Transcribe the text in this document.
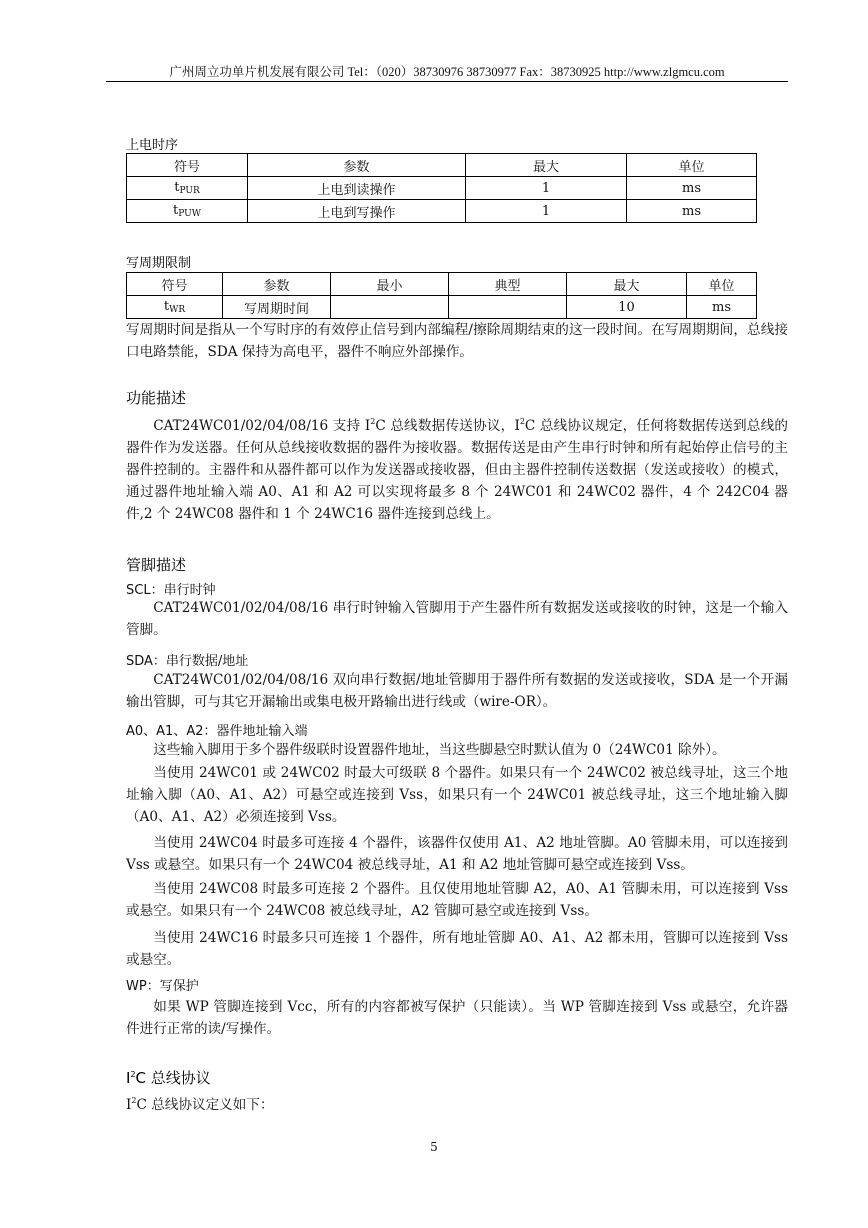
广州周立功单片机发展有限公司 Tel：（020）38730976 38730977 Fax：38730925 http://www.zlgmcu.com
上电时序
符号	参数	最大	单位
tPUR	上电到读操作	1	ms
tPUW	上电到写操作	1	ms
写周期限制
符号	参数	最小	典型	最大	单位
tWR	写周期时间			10	ms
写周期时间是指从一个写时序的有效停止信号到内部编程/擦除周期结束的这一段时间。在写周期期间，总线接口电路禁能，SDA 保持为高电平，器件不响应外部操作。
功能描述
CAT24WC01/02/04/08/16 支持 $I^2C$ 总线数据传送协议，$I^2C$ 总线协议规定，任何将数据传送到总线的器件作为发送器。任何从总线接收数据的器件为接收器。数据传送是由产生串行时钟和所有起始停止信号的主器件控制的。主器件和从器件都可以作为发送器或接收器，但由主器件控制传送数据（发送或接收）的模式，通过器件地址输入端 A0、A1 和 A2 可以实现将最多 8 个 24WC01 和 24WC02 器件，4 个 242C04 器件,2 个 24WC08 器件和 1 个 24WC16 器件连接到总线上。
管脚描述
SCL：串行时钟
CAT24WC01/02/04/08/16 串行时钟输入管脚用于产生器件所有数据发送或接收的时钟，这是一个输入管脚。
SDA：串行数据/地址
CAT24WC01/02/04/08/16 双向串行数据/地址管脚用于器件所有数据的发送或接收，SDA 是一个开漏输出管脚，可与其它开漏输出或集电极开路输出进行线或（wire-OR）。
A0、A1、A2：器件地址输入端
这些输入脚用于多个器件级联时设置器件地址，当这些脚悬空时默认值为 0（24WC01 除外）。
当使用 24WC01 或 24WC02 时最大可级联 8 个器件。如果只有一个 24WC02 被总线寻址，这三个地址输入脚（A0、A1、A2）可悬空或连接到 Vss，如果只有一个 24WC01 被总线寻址，这三个地址输入脚（A0、A1、A2）必须连接到 Vss。
当使用 24WC04 时最多可连接 4 个器件，该器件仅使用 A1、A2 地址管脚。A0 管脚未用，可以连接到 Vss 或悬空。如果只有一个 24WC04 被总线寻址，A1 和 A2 地址管脚可悬空或连接到 Vss。
当使用 24WC08 时最多可连接 2 个器件。且仅使用地址管脚 A2，A0、A1 管脚未用，可以连接到 Vss 或悬空。如果只有一个 24WC08 被总线寻址，A2 管脚可悬空或连接到 Vss。
当使用 24WC16 时最多只可连接 1 个器件，所有地址管脚 A0、A1、A2 都未用，管脚可以连接到 Vss 或悬空。
WP：写保护
如果 WP 管脚连接到 Vcc，所有的内容都被写保护（只能读）。当 WP 管脚连接到 Vss 或悬空，允许器件进行正常的读/写操作。
$I^2C$ 总线协议
$I^2C$ 总线协议定义如下：
5
